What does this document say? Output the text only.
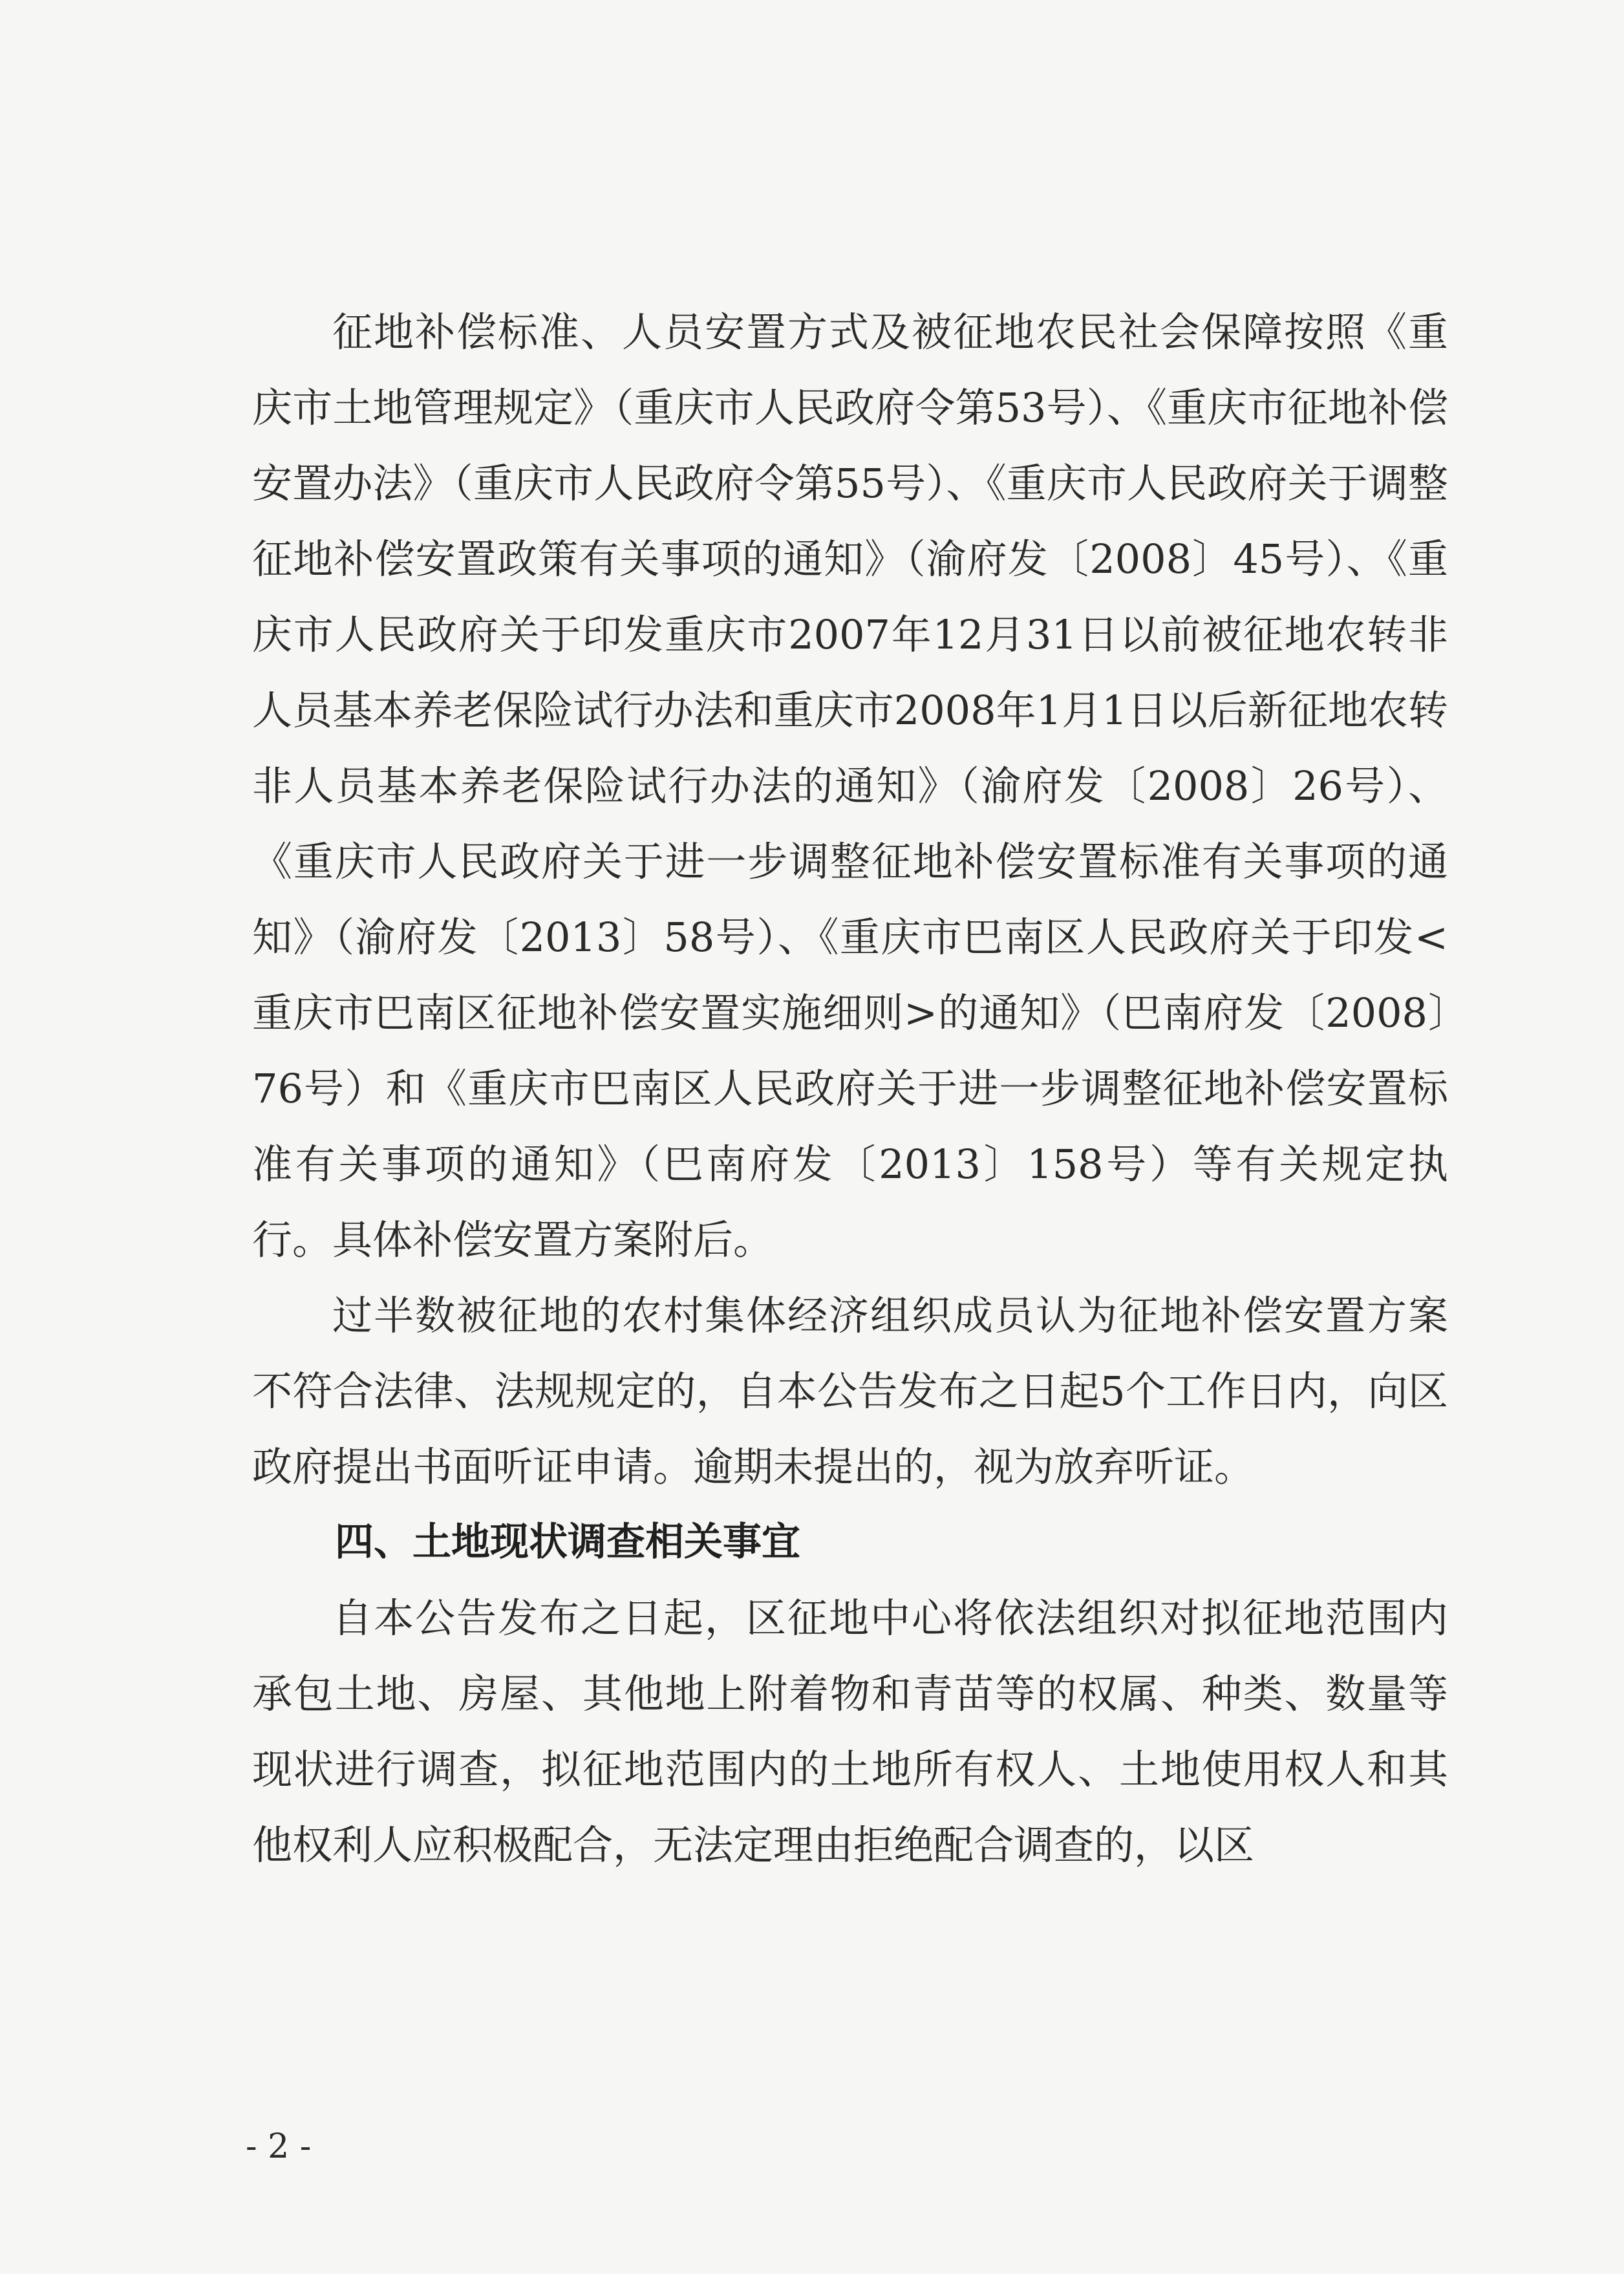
征地补偿标准、人员安置方式及被征地农民社会保障按照《重庆市土地管理规定》（重庆市人民政府令第53号）、《重庆市征地补偿安置办法》（重庆市人民政府令第55号）、《重庆市人民政府关于调整征地补偿安置政策有关事项的通知》（渝府发〔2008〕45号）、《重庆市人民政府关于印发重庆市2007年12月31日以前被征地农转非人员基本养老保险试行办法和重庆市2008年1月1日以后新征地农转非人员基本养老保险试行办法的通知》（渝府发〔2008〕26号）、《重庆市人民政府关于进一步调整征地补偿安置标准有关事项的通知》（渝府发〔2013〕58号）、《重庆市巴南区人民政府关于印发<重庆市巴南区征地补偿安置实施细则>的通知》（巴南府发〔2008〕76号）和《重庆市巴南区人民政府关于进一步调整征地补偿安置标准有关事项的通知》（巴南府发〔2013〕158号）等有关规定执行。具体补偿安置方案附后。

过半数被征地的农村集体经济组织成员认为征地补偿安置方案不符合法律、法规规定的，自本公告发布之日起5个工作日内，向区政府提出书面听证申请。逾期未提出的，视为放弃听证。

四、土地现状调查相关事宜

自本公告发布之日起，区征地中心将依法组织对拟征地范围内承包土地、房屋、其他地上附着物和青苗等的权属、种类、数量等现状进行调查，拟征地范围内的土地所有权人、土地使用权人和其他权利人应积极配合，无法定理由拒绝配合调查的，以区

- 2 -
